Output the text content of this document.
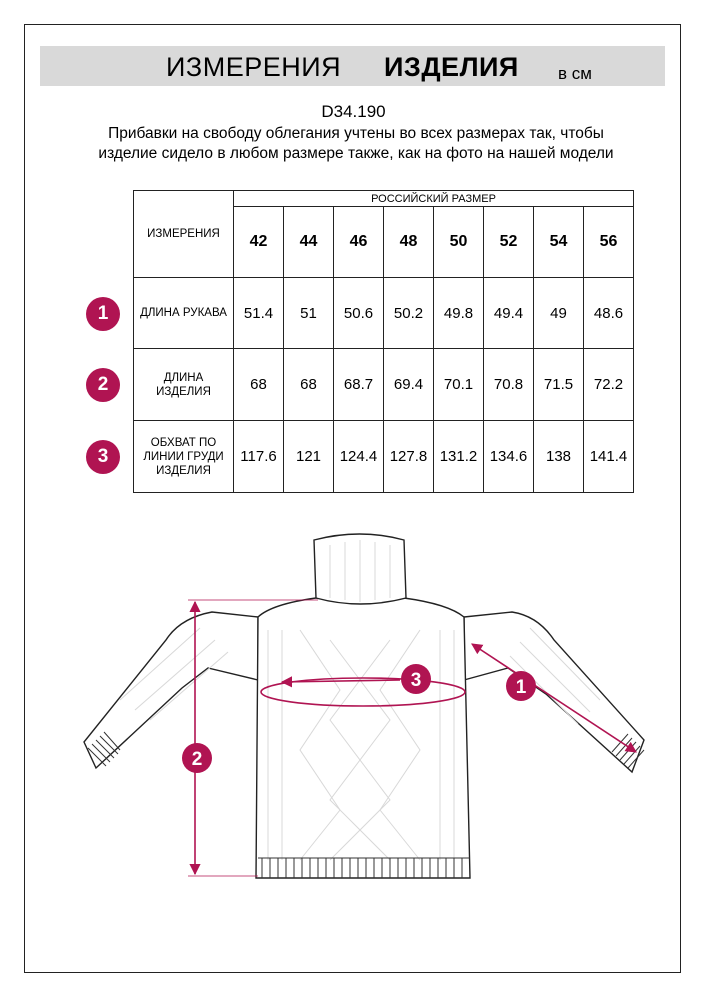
ИЗМЕРЕНИЯ ИЗДЕЛИЯ в см
D34.190
Прибавки на свободу облегания учтены во всех размерах так, чтобы изделие сидело в любом размере также, как на фото на нашей модели
ИЗМЕРЕНИЯ	РОССИЙСКИЙ РАЗМЕР							
	42	44	46	48	50	52	54	56
ДЛИНА РУКАВА	51.4	51	50.6	50.2	49.8	49.4	49	48.6
ДЛИНА ИЗДЕЛИЯ	68	68	68.7	69.4	70.1	70.8	71.5	72.2
ОБХВАТ ПО ЛИНИИ ГРУДИ ИЗДЕЛИЯ	117.6	121	124.4	127.8	131.2	134.6	138	141.4
1
2
3
1
2
3
